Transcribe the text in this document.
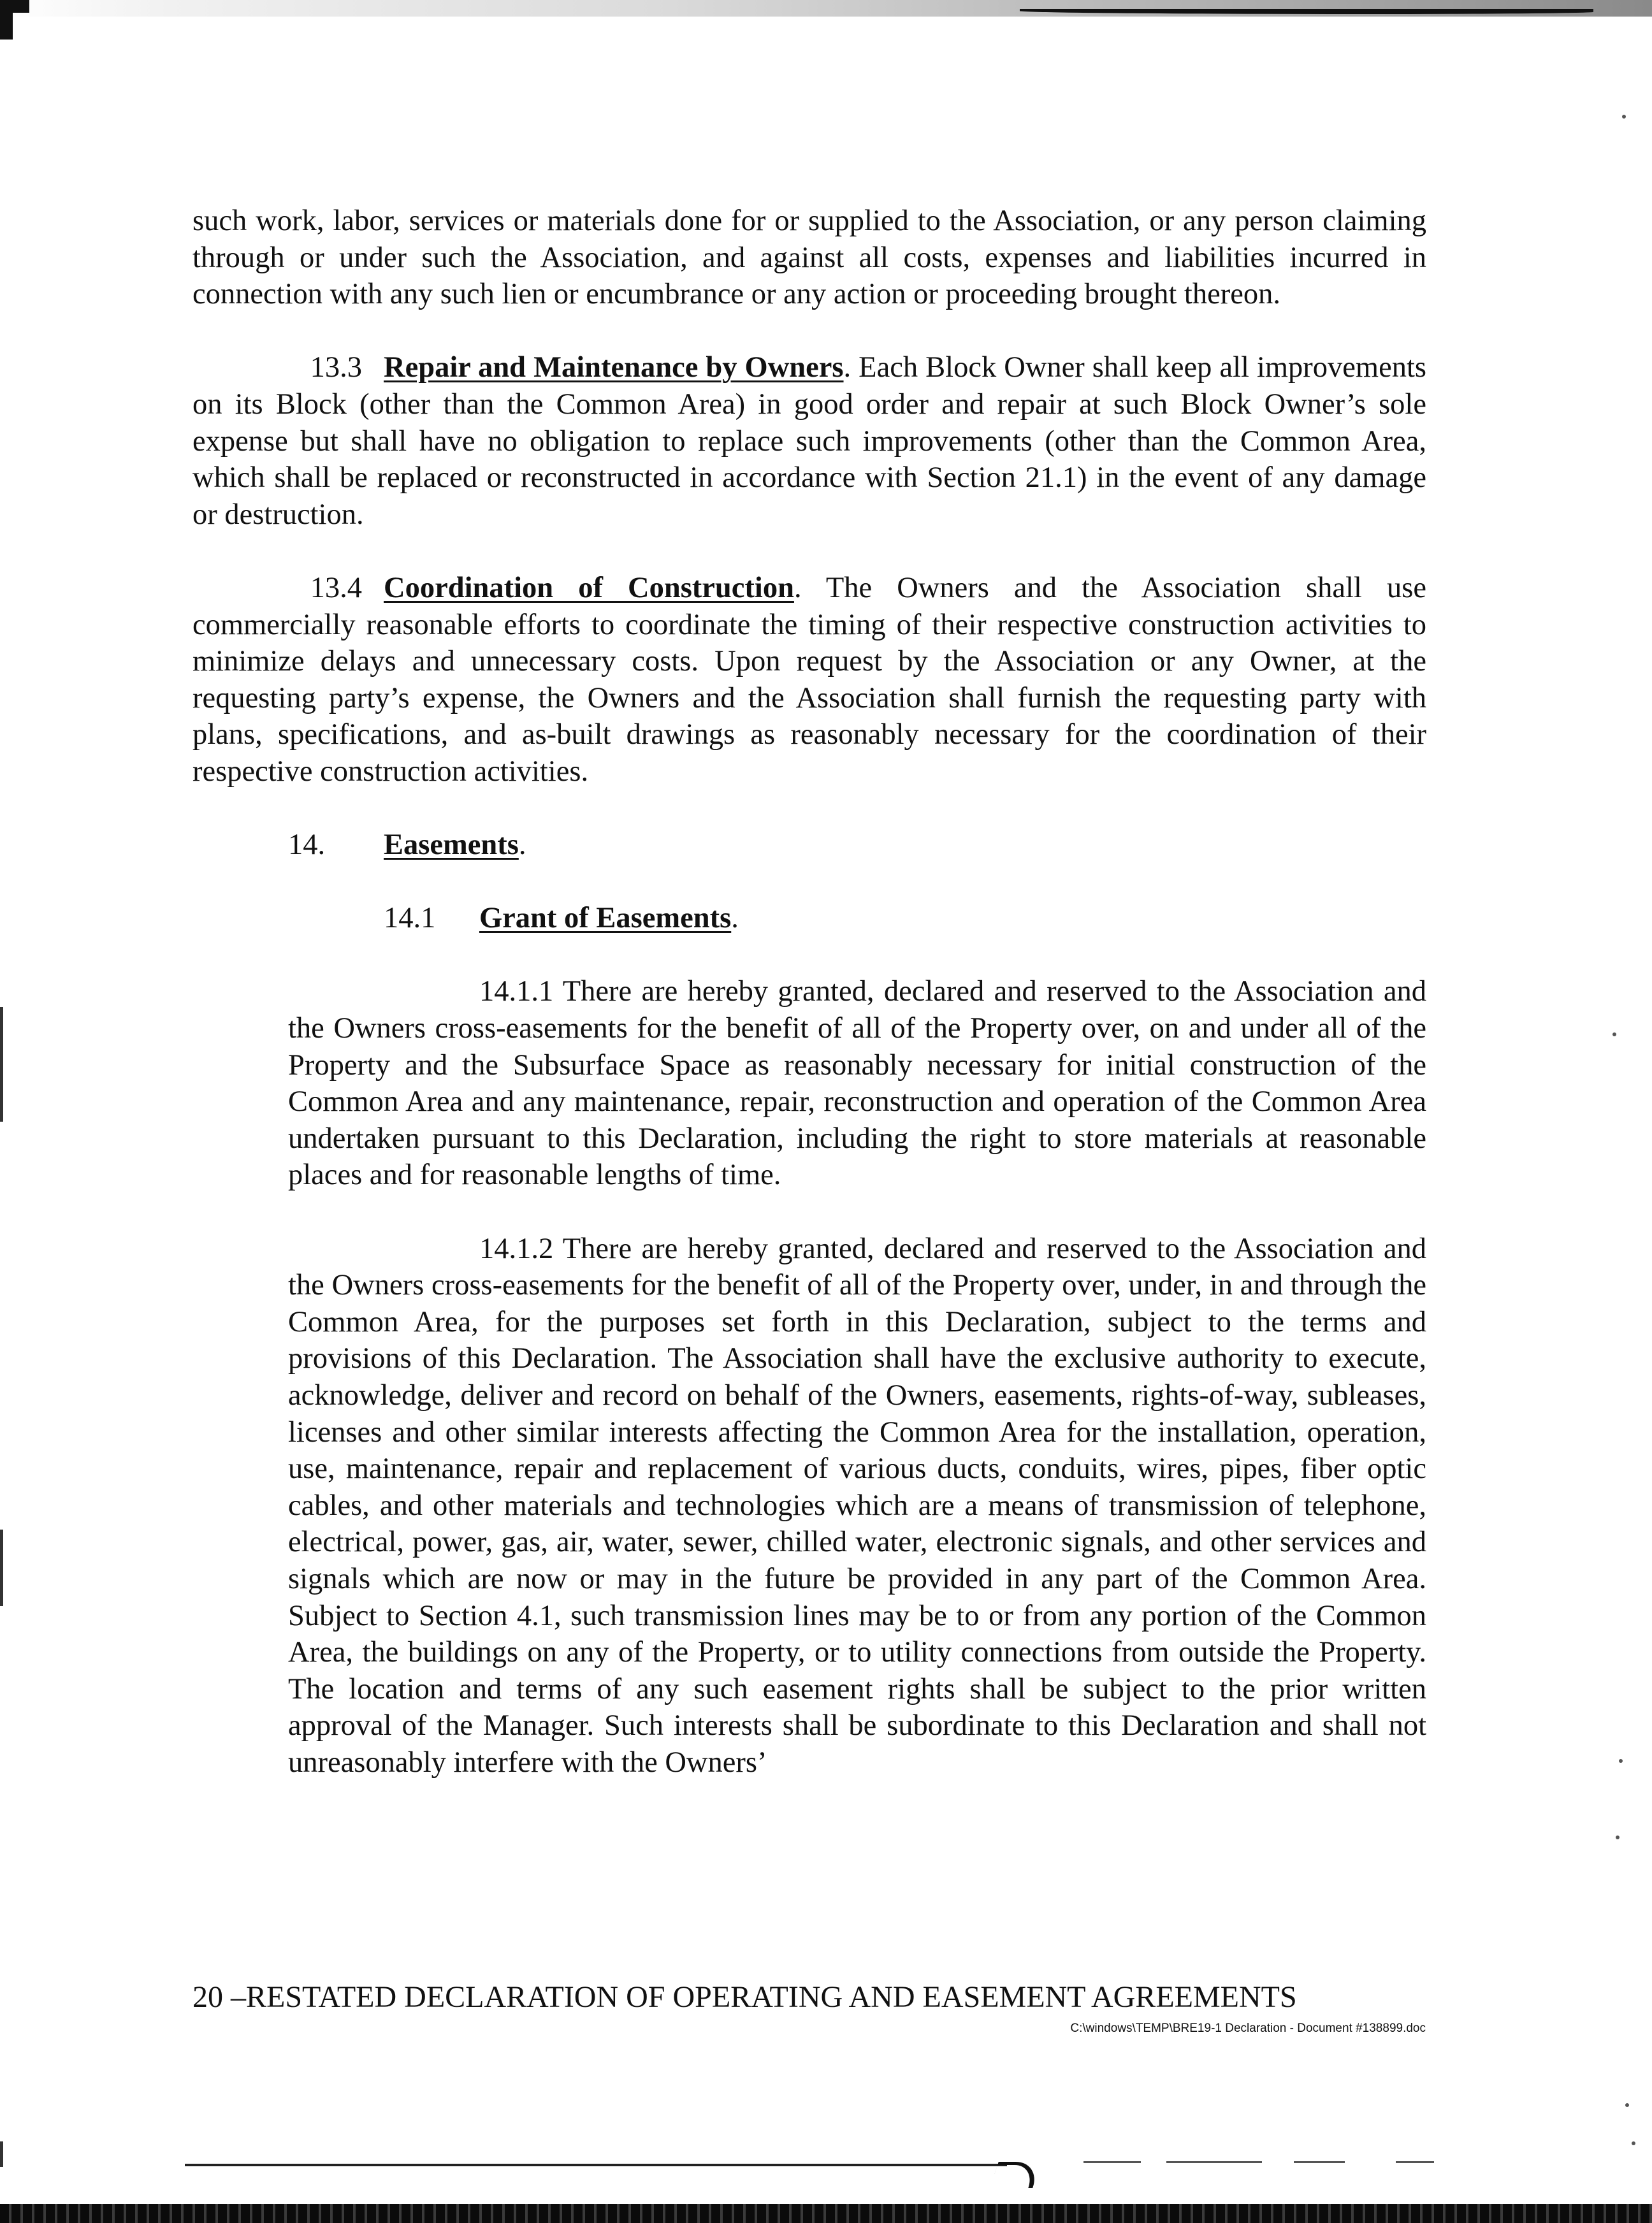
such work, labor, services or materials done for or supplied to the Association, or any person claiming through or under such the Association, and against all costs, expenses and liabilities incurred in connection with any such lien or encumbrance or any action or proceeding brought thereon.

13.3 Repair and Maintenance by Owners. Each Block Owner shall keep all improvements on its Block (other than the Common Area) in good order and repair at such Block Owner’s sole expense but shall have no obligation to replace such improvements (other than the Common Area, which shall be replaced or reconstructed in accordance with Section 21.1) in the event of any damage or destruction.

13.4 Coordination of Construction. The Owners and the Association shall use commercially reasonable efforts to coordinate the timing of their respective construction activities to minimize delays and unnecessary costs. Upon request by the Association or any Owner, at the requesting party’s expense, the Owners and the Association shall furnish the requesting party with plans, specifications, and as-built drawings as reasonably necessary for the coordination of their respective construction activities.

14. Easements.

14.1 Grant of Easements.

14.1.1 There are hereby granted, declared and reserved to the Association and the Owners cross-easements for the benefit of all of the Property over, on and under all of the Property and the Subsurface Space as reasonably necessary for initial construction of the Common Area and any maintenance, repair, reconstruction and operation of the Common Area undertaken pursuant to this Declaration, including the right to store materials at reasonable places and for reasonable lengths of time.

14.1.2 There are hereby granted, declared and reserved to the Association and the Owners cross-easements for the benefit of all of the Property over, under, in and through the Common Area, for the purposes set forth in this Declaration, subject to the terms and provisions of this Declaration. The Association shall have the exclusive authority to execute, acknowledge, deliver and record on behalf of the Owners, easements, rights-of-way, subleases, licenses and other similar interests affecting the Common Area for the installation, operation, use, maintenance, repair and replacement of various ducts, conduits, wires, pipes, fiber optic cables, and other materials and technologies which are a means of transmission of telephone, electrical, power, gas, air, water, sewer, chilled water, electronic signals, and other services and signals which are now or may in the future be provided in any part of the Common Area. Subject to Section 4.1, such transmission lines may be to or from any portion of the Common Area, the buildings on any of the Property, or to utility connections from outside the Property. The location and terms of any such easement rights shall be subject to the prior written approval of the Manager. Such interests shall be subordinate to this Declaration and shall not unreasonably interfere with the Owners’

20 –RESTATED DECLARATION OF OPERATING AND EASEMENT AGREEMENTS
C:\windows\TEMP\BRE19-1 Declaration - Document #138899.doc
